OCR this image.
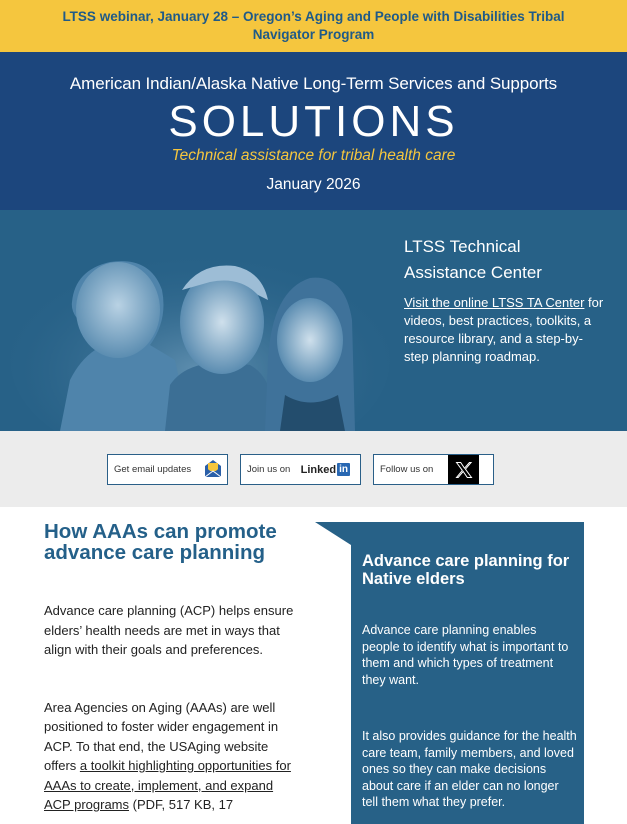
LTSS webinar, January 28 – Oregon’s Aging and People with Disabilities Tribal Navigator Program
American Indian/Alaska Native Long-Term Services and Supports
SOLUTIONS
Technical assistance for tribal health care
January 2026
LTSS Technical Assistance Center

Visit the online LTSS TA Center for videos, best practices, toolkits, a resource library, and a step-by-step planning roadmap.

Get email updates	Join us on Linked in	Follow us on
How AAAs can promote advance care planning

Advance care planning (ACP) helps ensure elders’ health needs are met in ways that align with their goals and preferences.

Area Agencies on Aging (AAAs) are well positioned to foster wider engagement in ACP. To that end, the USAging website offers a toolkit highlighting opportunities for AAAs to create, implement, and expand ACP programs (PDF, 517 KB, 17

Advance care planning for Native elders

Advance care planning enables people to identify what is important to them and which types of treatment they want.

It also provides guidance for the health care team, family members, and loved ones so they can make decisions about care if an elder can no longer tell them what they prefer.
